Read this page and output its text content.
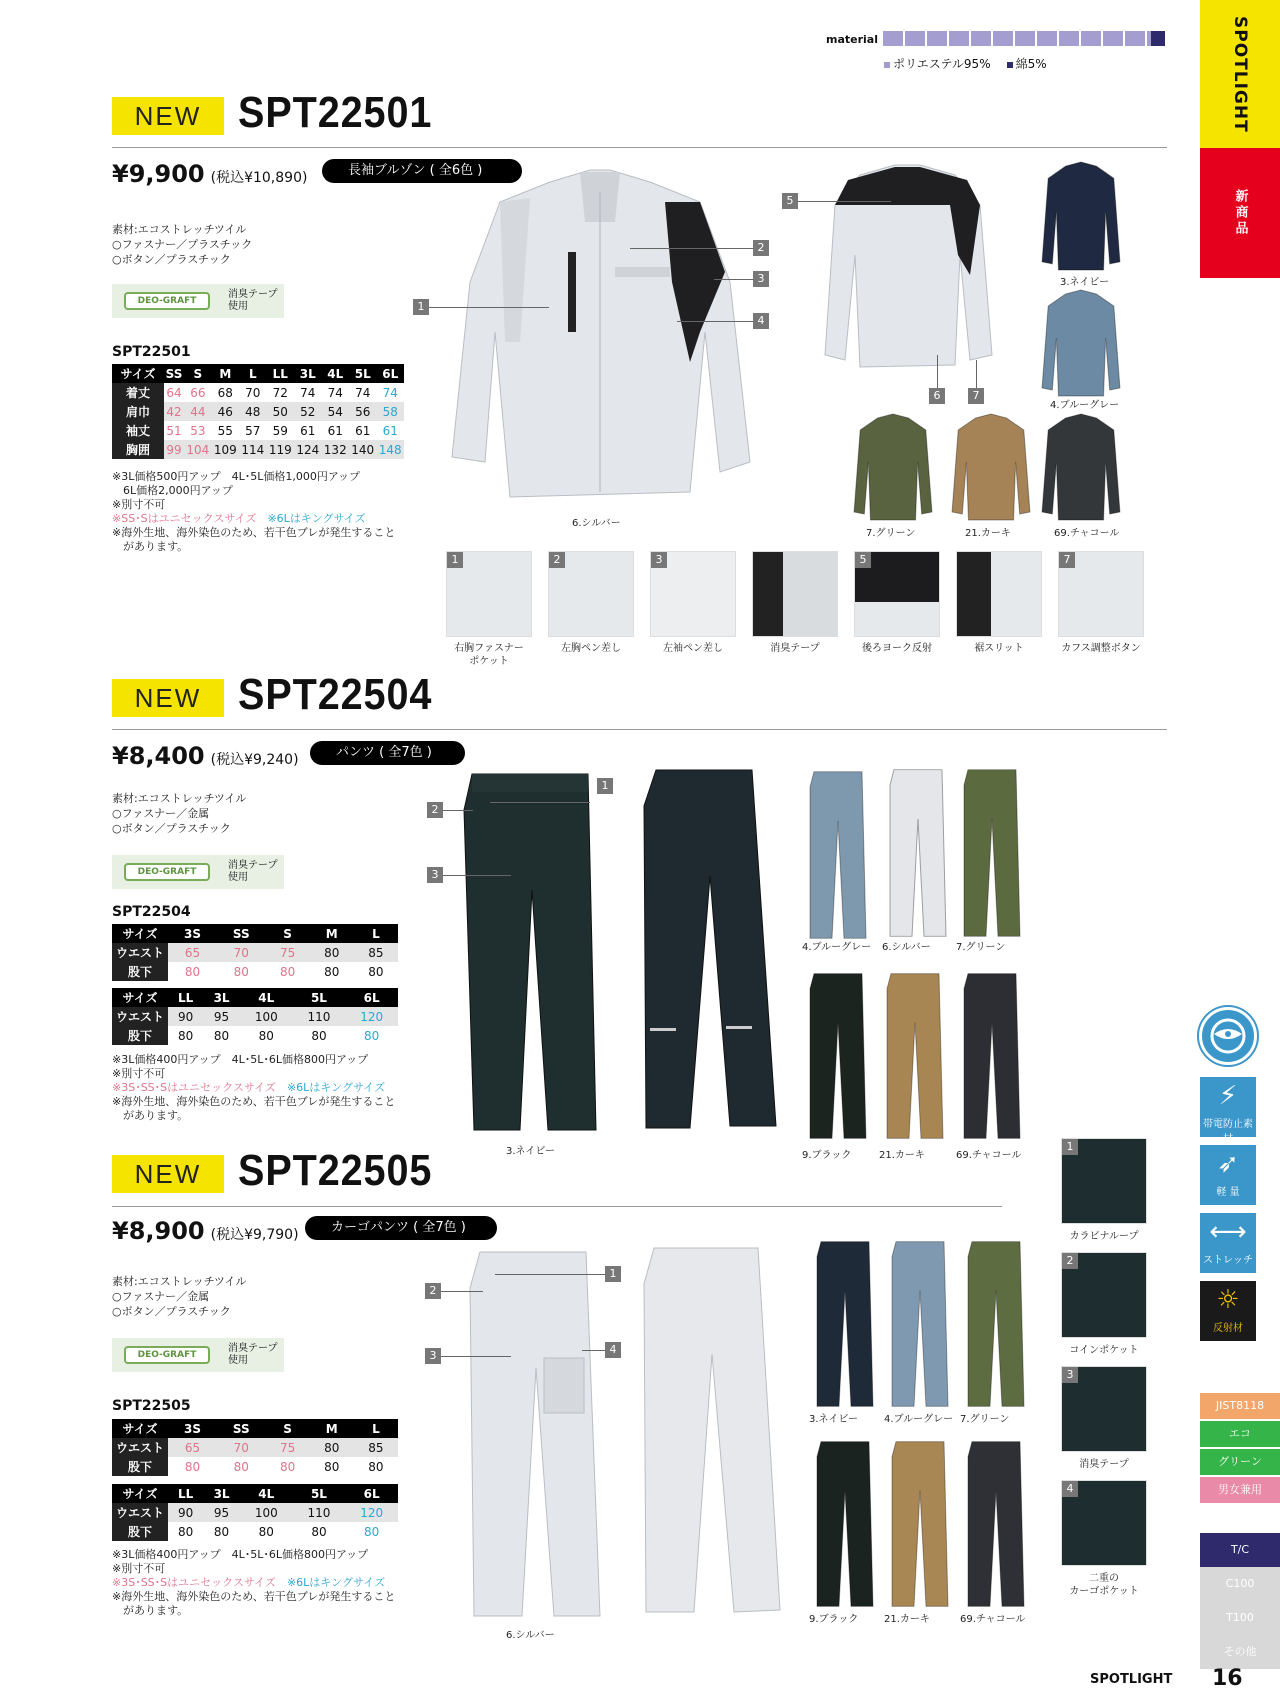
material
ポリエステル95%	綿5%	SPOTLIGHT
新商品
⚡
帯電防止素材
➶
軽 量
⟷
ストレッチ
☼
反射材
JIST8118
エコ
グリーン
男女兼用
T/C
C100
T100
その他
SPOTLIGHT 16
NEW SPT22501
¥9,900 (税込¥10,890)	長袖ブルゾン ( 全6色 )
素材:エコストレッチツイル
○ファスナー／プラスチック
○ボタン／プラスチック
DEO-GRAFT
消臭テープ
使用
SPT22501
サイズ	SS	S	M	L	LL	3L	4L	5L	6L
着丈	64	66	68	70	72	74	74	74	74
肩巾	42	44	46	48	50	52	54	56	58
袖丈	51	53	55	57	59	61	61	61	61
胸囲	99	104	109	114	119	124	132	140	148
※3L価格500円アップ　4L･5L価格1,000円アップ
　6L価格2,000円アップ
※別寸不可
※SS･Sはユニセックスサイズ　 ※6Lはキングサイズ
※海外生地、海外染色のため、若干色ブレが発生すること
　があります。
6.シルバー
1
2
3
4
5
6	7
3.ネイビー
4.ブルーグレー
7.グリーン	21.カーキ	69.チャコール
1
右胸ファスナー
ポケット
2
左胸ペン差し
3
左袖ペン差し	消臭テープ
5
後ろヨーク反射	裾スリット
7
カフス調整ボタン
NEW SPT22504
¥8,400 (税込¥9,240)	パンツ ( 全7色 )
素材:エコストレッチツイル
○ファスナー／金属
○ボタン／プラスチック
DEO-GRAFT
消臭テープ
使用
SPT22504
サイズ	3S	SS	S	M	L
ウエスト	65	70	75	80	85
股下	80	80	80	80	80
サイズ	LL	3L	4L	5L	6L
ウエスト	90	95	100	110	120
股下	80	80	80	80	80
※3L価格400円アップ　4L･5L･6L価格800円アップ
※別寸不可
※3S･SS･Sはユニセックスサイズ　 ※6Lはキングサイズ
※海外生地、海外染色のため、若干色ブレが発生すること
　があります。
3.ネイビー
1
2
3
4.ブルーグレー 6.シルバー	7.グリーン
9.ブラック	21.カーキ	69.チャコール
NEW SPT22505
¥8,900 (税込¥9,790)	カーゴパンツ ( 全7色 )
素材:エコストレッチツイル
○ファスナー／金属
○ボタン／プラスチック
DEO-GRAFT
消臭テープ
使用
SPT22505
サイズ	3S	SS	S	M	L
ウエスト	65	70	75	80	85
股下	80	80	80	80	80
サイズ	LL	3L	4L	5L	6L
ウエスト	90	95	100	110	120
股下	80	80	80	80	80
※3L価格400円アップ　4L･5L･6L価格800円アップ
※別寸不可
※3S･SS･Sはユニセックスサイズ　 ※6Lはキングサイズ
※海外生地、海外染色のため、若干色ブレが発生すること
　があります。
6.シルバー
1
2
3	4
3.ネイビー	4.ブルーグレー 7.グリーン
9.ブラック	21.カーキ	69.チャコール
1
カラビナループ
2
コインポケット
3
消臭テープ
4
二重の
カーゴポケット
